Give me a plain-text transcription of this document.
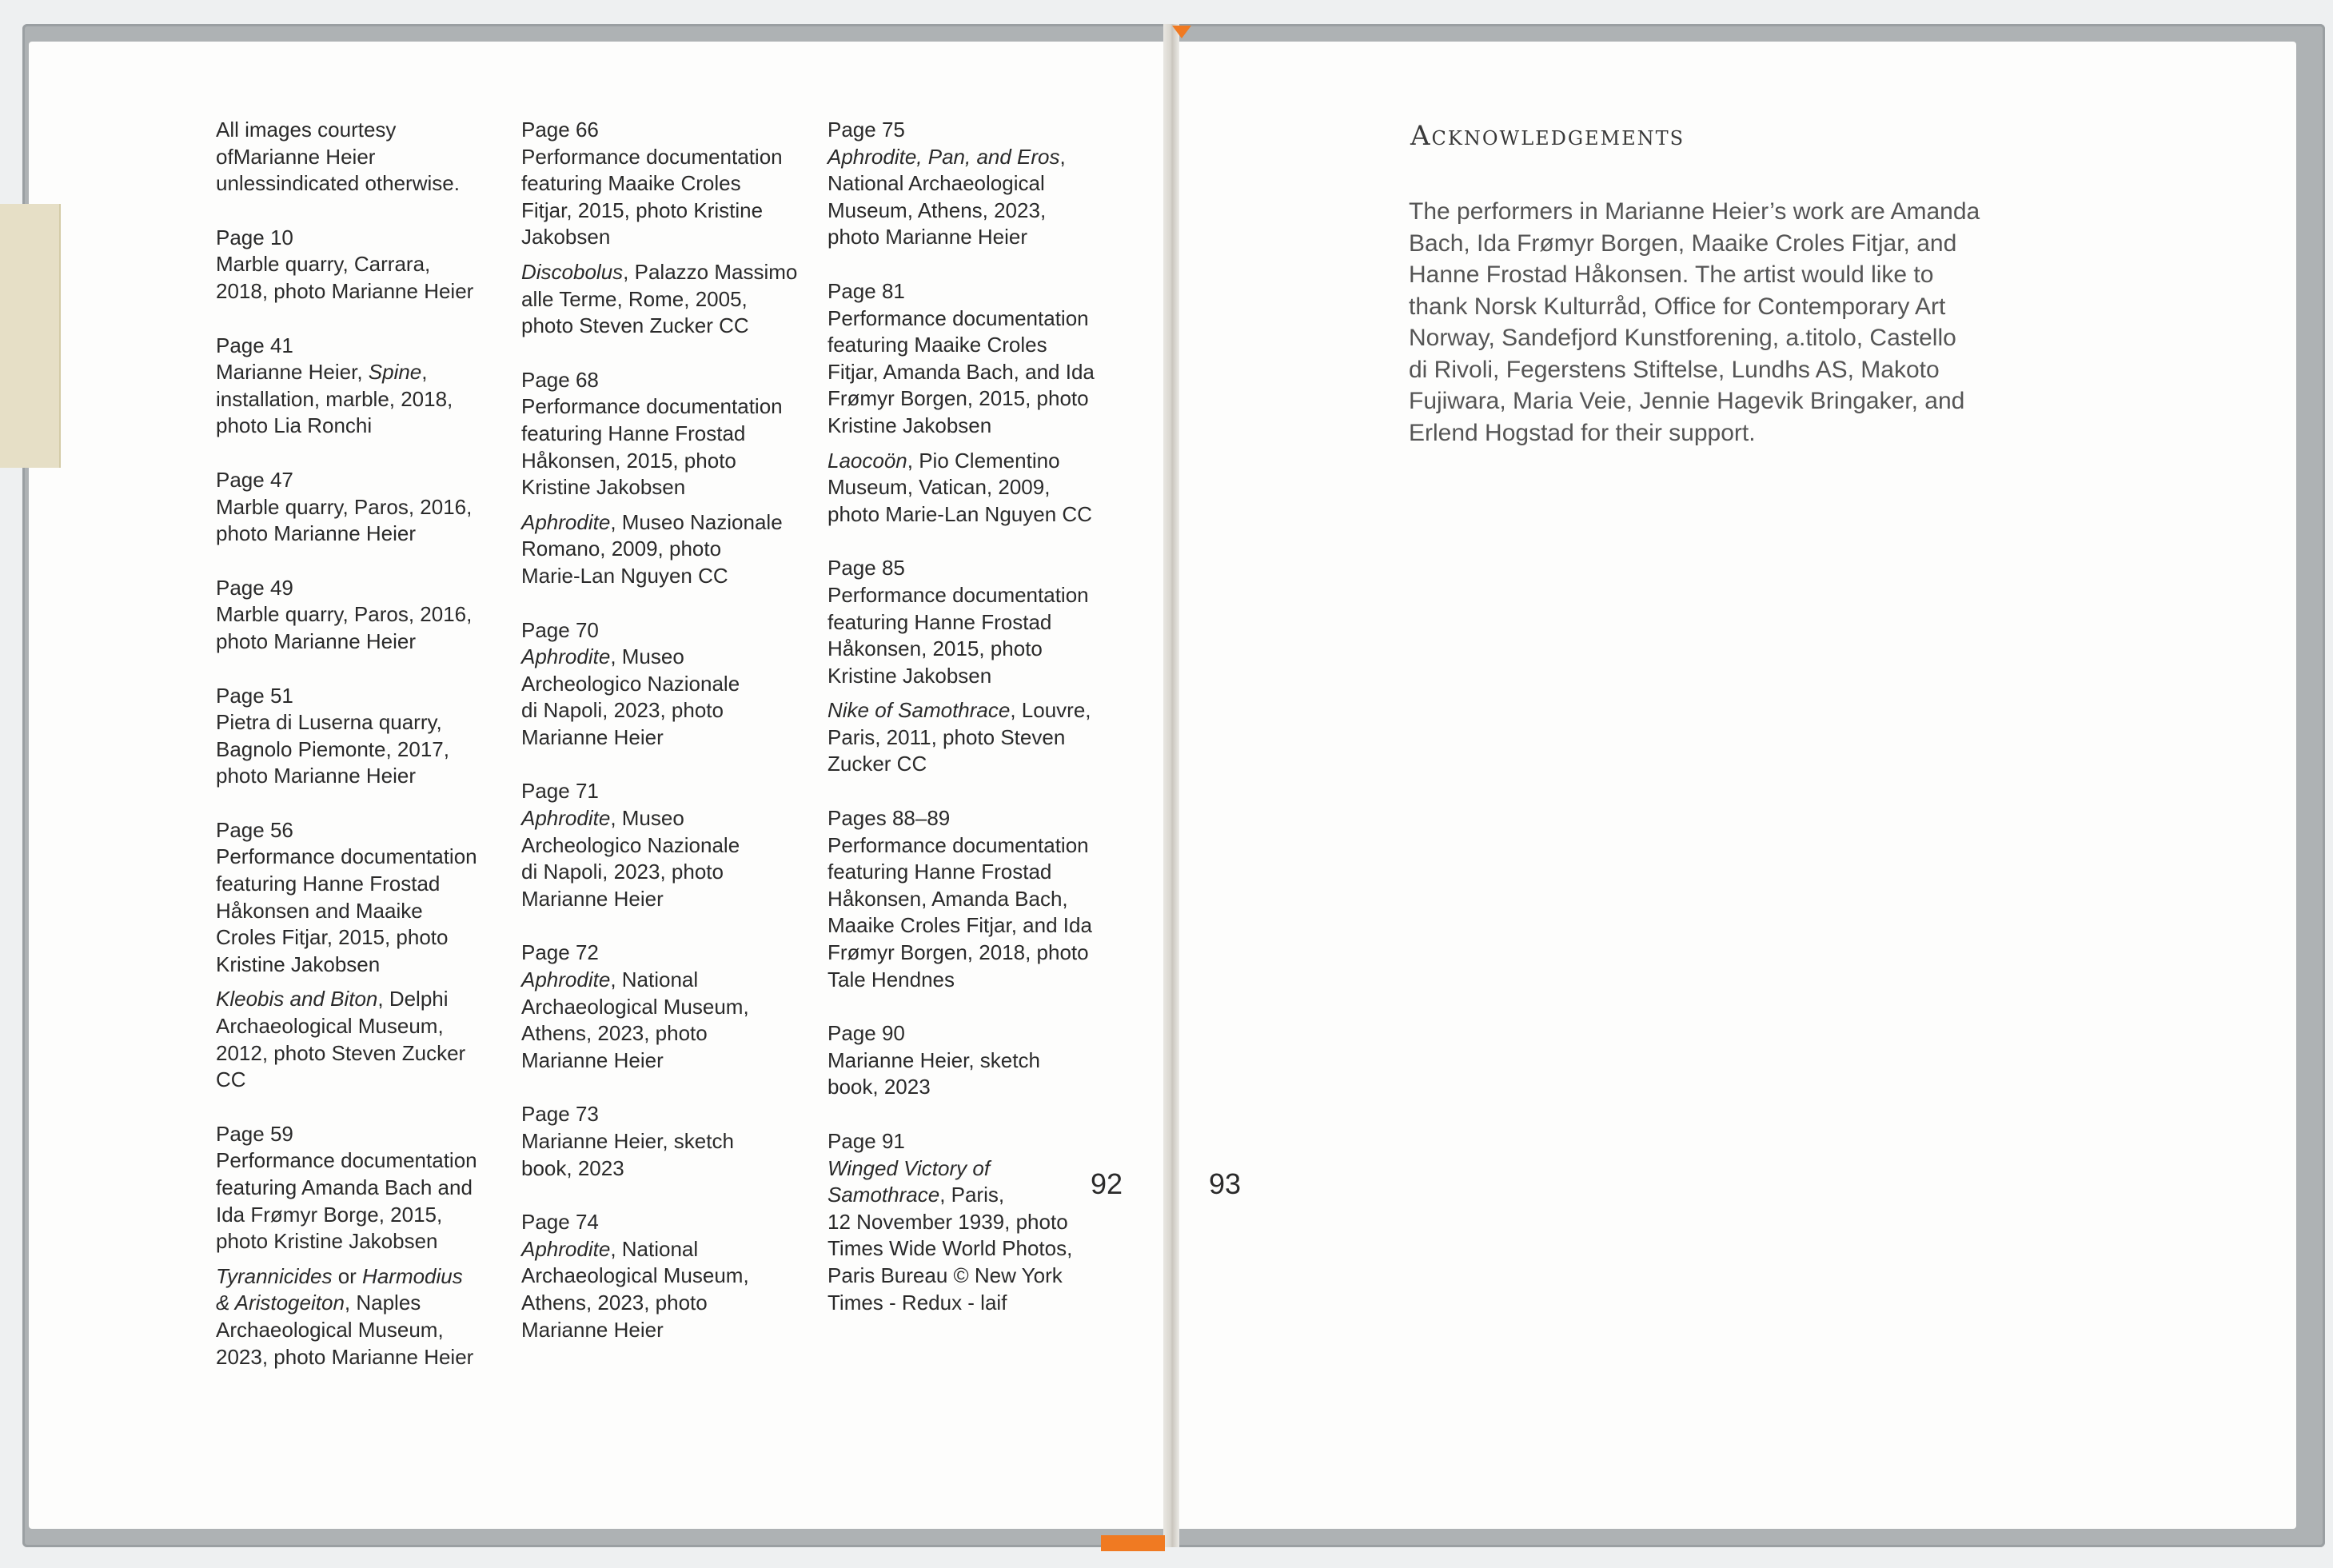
All images courtesy ofMarianne Heier unlessindicated otherwise.
Page 10
Marble quarry, Carrara,
2018, photo Marianne Heier
Page 41
Marianne Heier, Spine,
installation, marble, 2018,
photo Lia Ronchi
Page 47
Marble quarry, Paros, 2016,
photo Marianne Heier
Page 49
Marble quarry, Paros, 2016,
photo Marianne Heier
Page 51
Pietra di Luserna quarry,
Bagnolo Piemonte, 2017,
photo Marianne Heier
Page 56
Performance documentation
featuring Hanne Frostad
Håkonsen and Maaike
Croles Fitjar, 2015, photo
Kristine Jakobsen
Kleobis and Biton, Delphi
Archaeological Museum,
2012, photo Steven Zucker
CC
Page 59
Performance documentation
featuring Amanda Bach and
Ida Frømyr Borge, 2015,
photo Kristine Jakobsen
Tyrannicides or Harmodius
& Aristogeiton, Naples
Archaeological Museum,
2023, photo Marianne Heier
Page 66
Performance documentation
featuring Maaike Croles
Fitjar, 2015, photo Kristine
Jakobsen
Discobolus, Palazzo Massimo
alle Terme, Rome, 2005,
photo Steven Zucker CC
Page 68
Performance documentation
featuring Hanne Frostad
Håkonsen, 2015, photo
Kristine Jakobsen
Aphrodite, Museo Nazionale
Romano, 2009, photo
Marie-Lan Nguyen CC
Page 70
Aphrodite, Museo
Archeologico Nazionale
di Napoli, 2023, photo
Marianne Heier
Page 71
Aphrodite, Museo
Archeologico Nazionale
di Napoli, 2023, photo
Marianne Heier
Page 72
Aphrodite, National
Archaeological Museum,
Athens, 2023, photo
Marianne Heier
Page 73
Marianne Heier, sketch
book, 2023
Page 74
Aphrodite, National
Archaeological Museum,
Athens, 2023, photo
Marianne Heier
Page 75
Aphrodite, Pan, and Eros,
National Archaeological
Museum, Athens, 2023,
photo Marianne Heier
Page 81
Performance documentation
featuring Maaike Croles
Fitjar, Amanda Bach, and Ida
Frømyr Borgen, 2015, photo
Kristine Jakobsen
Laocoön, Pio Clementino
Museum, Vatican, 2009,
photo Marie-Lan Nguyen CC
Page 85
Performance documentation
featuring Hanne Frostad
Håkonsen, 2015, photo
Kristine Jakobsen
Nike of Samothrace, Louvre,
Paris, 2011, photo Steven
Zucker CC
Pages 88–89
Performance documentation
featuring Hanne Frostad
Håkonsen, Amanda Bach,
Maaike Croles Fitjar, and Ida
Frømyr Borgen, 2018, photo
Tale Hendnes
Page 90
Marianne Heier, sketch
book, 2023
Page 91
Winged Victory of
Samothrace, Paris,
12 November 1939, photo
Times Wide World Photos,
Paris Bureau © New York
Times - Redux - laif
92	93
Acknowledgements
The performers in Marianne Heier’s work are Amanda
Bach, Ida Frømyr Borgen, Maaike Croles Fitjar, and
Hanne Frostad Håkonsen. The artist would like to
thank Norsk Kulturråd, Office for Contemporary Art
Norway, Sandefjord Kunstforening, a.titolo, Castello
di Rivoli, Fegerstens Stiftelse, Lundhs AS, Makoto
Fujiwara, Maria Veie, Jennie Hagevik Bringaker, and
Erlend Hogstad for their support.
